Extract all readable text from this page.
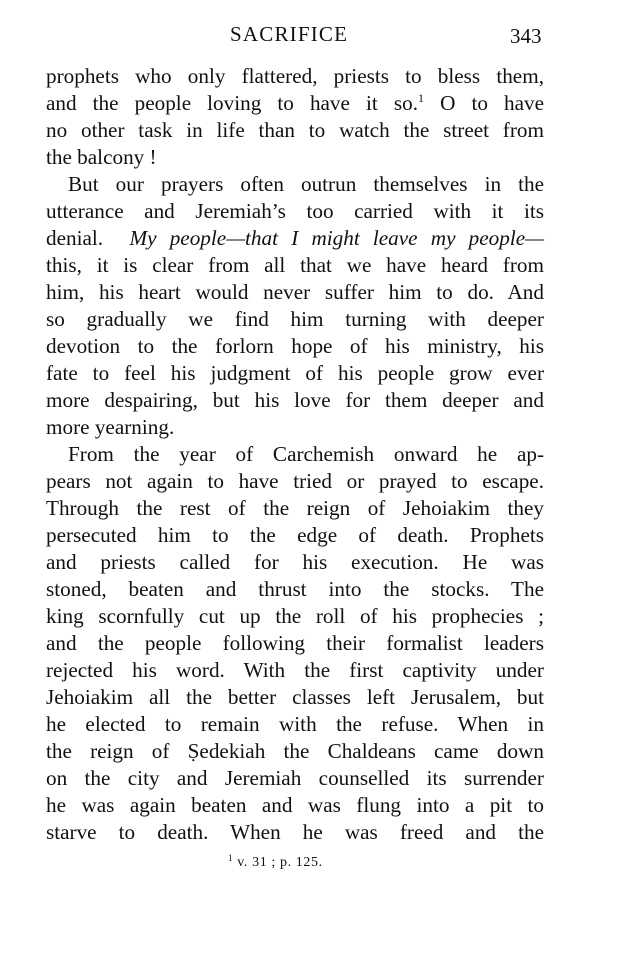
SACRIFICE	343
prophets who only flattered, priests to bless them,
and the people loving to have it so.$^1$ O to have
no other task in life than to watch the street from
the balcony !
But our prayers often outrun themselves in the
utterance and Jeremiah’s too carried with it its
denial. My people—that I might leave my people—
this, it is clear from all that we have heard from
him, his heart would never suffer him to do. And
so gradually we find him turning with deeper
devotion to the forlorn hope of his ministry, his
fate to feel his judgment of his people grow ever
more despairing, but his love for them deeper and
more yearning.
From the year of Carchemish onward he ap-
pears not again to have tried or prayed to escape.
Through the rest of the reign of Jehoiakim they
persecuted him to the edge of death. Prophets
and priests called for his execution. He was
stoned, beaten and thrust into the stocks. The
king scornfully cut up the roll of his prophecies ;
and the people following their formalist leaders
rejected his word. With the first captivity under
Jehoiakim all the better classes left Jerusalem, but
he elected to remain with the refuse. When in
the reign of Ṣedekiah the Chaldeans came down
on the city and Jeremiah counselled its surrender
he was again beaten and was flung into a pit to
starve to death. When he was freed and the
$^1$ v. 31 ; p. 125.
